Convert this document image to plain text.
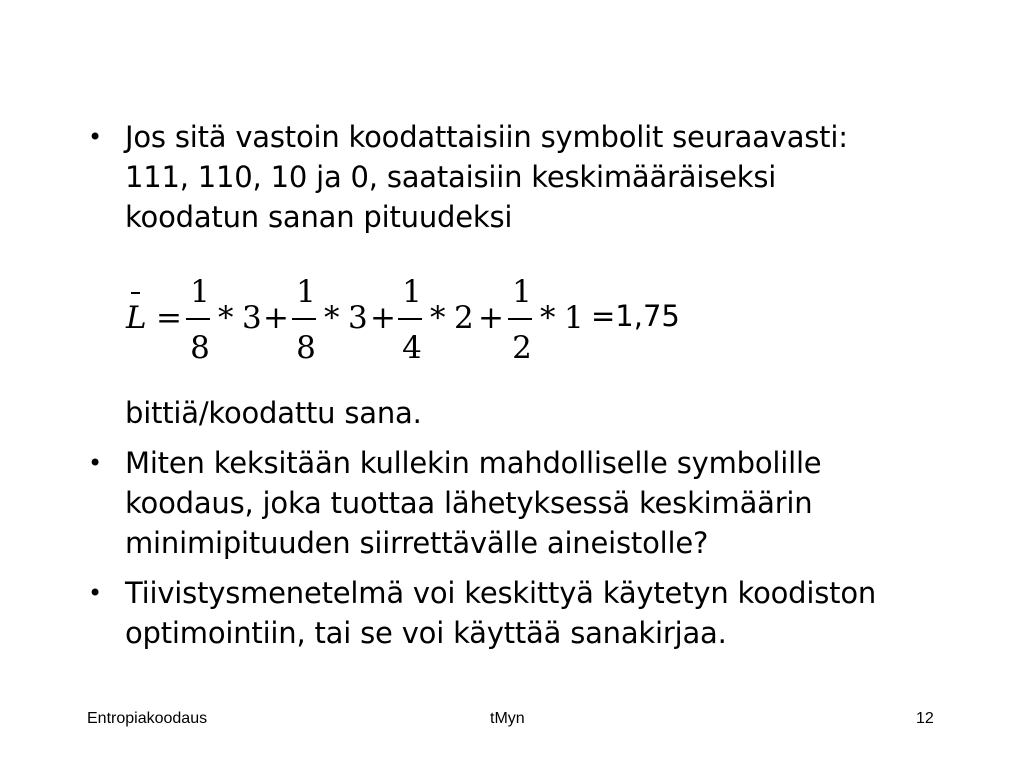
• Jos sitä vastoin koodattaisiin symbolit seuraavasti:
111, 110, 10 ja 0, saataisiin keskimääräiseksi
koodatun sanan pituudeksi
L =
1
8
* 3 +
1
8
* 3 +
1
4
* 2 +
1
2
* 1 =1,75
bittiä/koodattu sana.
• Miten keksitään kullekin mahdolliselle symbolille
koodaus, joka tuottaa lähetyksessä keskimäärin
minimipituuden siirrettävälle aineistolle?
• Tiivistysmenetelmä voi keskittyä käytetyn koodiston
optimointiin, tai se voi käyttää sanakirjaa.
Entropiakoodaus	tMyn	12
